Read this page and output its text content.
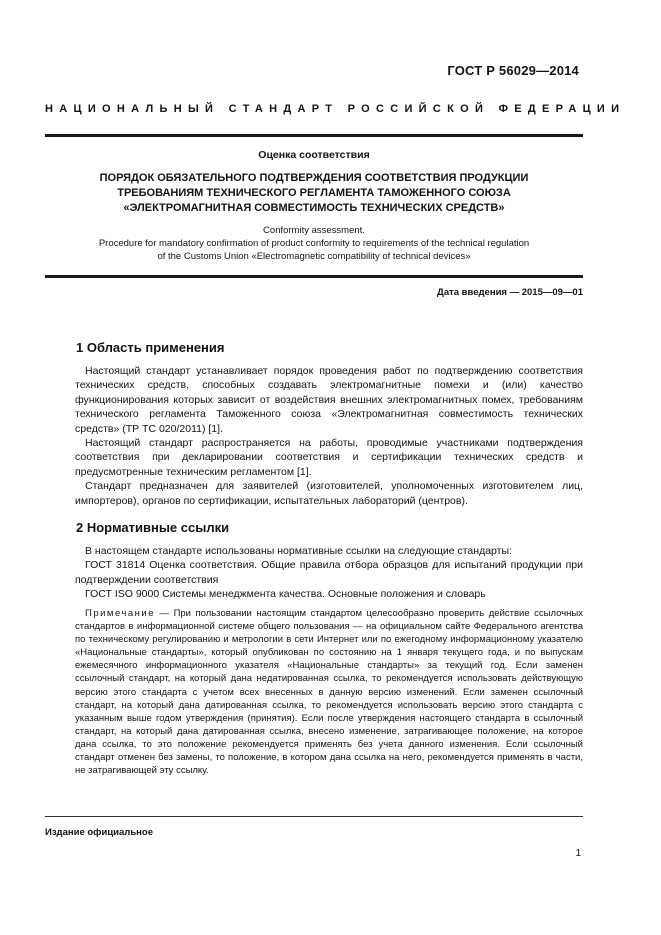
ГОСТ Р 56029—2014
НАЦИОНАЛЬНЫЙ СТАНДАРТ РОССИЙСКОЙ ФЕДЕРАЦИИ
Оценка соответствия
ПОРЯДОК ОБЯЗАТЕЛЬНОГО ПОДТВЕРЖДЕНИЯ СООТВЕТСТВИЯ ПРОДУКЦИИ
ТРЕБОВАНИЯМ ТЕХНИЧЕСКОГО РЕГЛАМЕНТА ТАМОЖЕННОГО СОЮЗА
«ЭЛЕКТРОМАГНИТНАЯ СОВМЕСТИМОСТЬ ТЕХНИЧЕСКИХ СРЕДСТВ»
Conformity assessment.
Procedure for mandatory confirmation of product conformity to requirements of the technical regulation
of the Customs Union «Electromagnetic compatibility of technical devices»
Дата введения — 2015—09—01
1 Область применения

Настоящий стандарт устанавливает порядок проведения работ по подтверждению соответствия технических средств, способных создавать электромагнитные помехи и (или) качество функционирования которых зависит от воздействия внешних электромагнитных помех, требованиям технического регламента Таможенного союза «Электромагнитная совместимость технических средств» (ТР ТС 020/2011) [1].

Настоящий стандарт распространяется на работы, проводимые участниками подтверждения соответствия при декларировании соответствия и сертификации технических средств и предусмотренные техническим регламентом [1].

Стандарт предназначен для заявителей (изготовителей, уполномоченных изготовителем лиц, импортеров), органов по сертификации, испытательных лабораторий (центров).

2 Нормативные ссылки

В настоящем стандарте использованы нормативные ссылки на следующие стандарты:

ГОСТ 31814 Оценка соответствия. Общие правила отбора образцов для испытаний продукции при подтверждении соответствия

ГОСТ ISO 9000 Системы менеджмента качества. Основные положения и словарь

Примечание — При пользовании настоящим стандартом целесообразно проверить действие ссылочных стандартов в информационной системе общего пользования — на официальном сайте Федерального агентства по техническому регулированию и метрологии в сети Интернет или по ежегодному информационному указателю «Национальные стандарты», который опубликован по состоянию на 1 января текущего года, и по выпускам ежемесячного информационного указателя «Национальные стандарты» за текущий год. Если заменен ссылочный стандарт, на который дана недатированная ссылка, то рекомендуется использовать действующую версию этого стандарта с учетом всех внесенных в данную версию изменений. Если заменен ссылочный стандарт, на который дана датированная ссылка, то рекомендуется использовать версию этого стандарта с указанным выше годом утверждения (принятия). Если после утверждения настоящего стандарта в ссылочный стандарт, на который дана датированная ссылка, внесено изменение, затрагивающее положение, на которое дана ссылка, то это положение рекомендуется применять без учета данного изменения. Если ссылочный стандарт отменен без замены, то положение, в котором дана ссылка на него, рекомендуется применять в части, не затрагивающей эту ссылку.
Издание официальное
1
